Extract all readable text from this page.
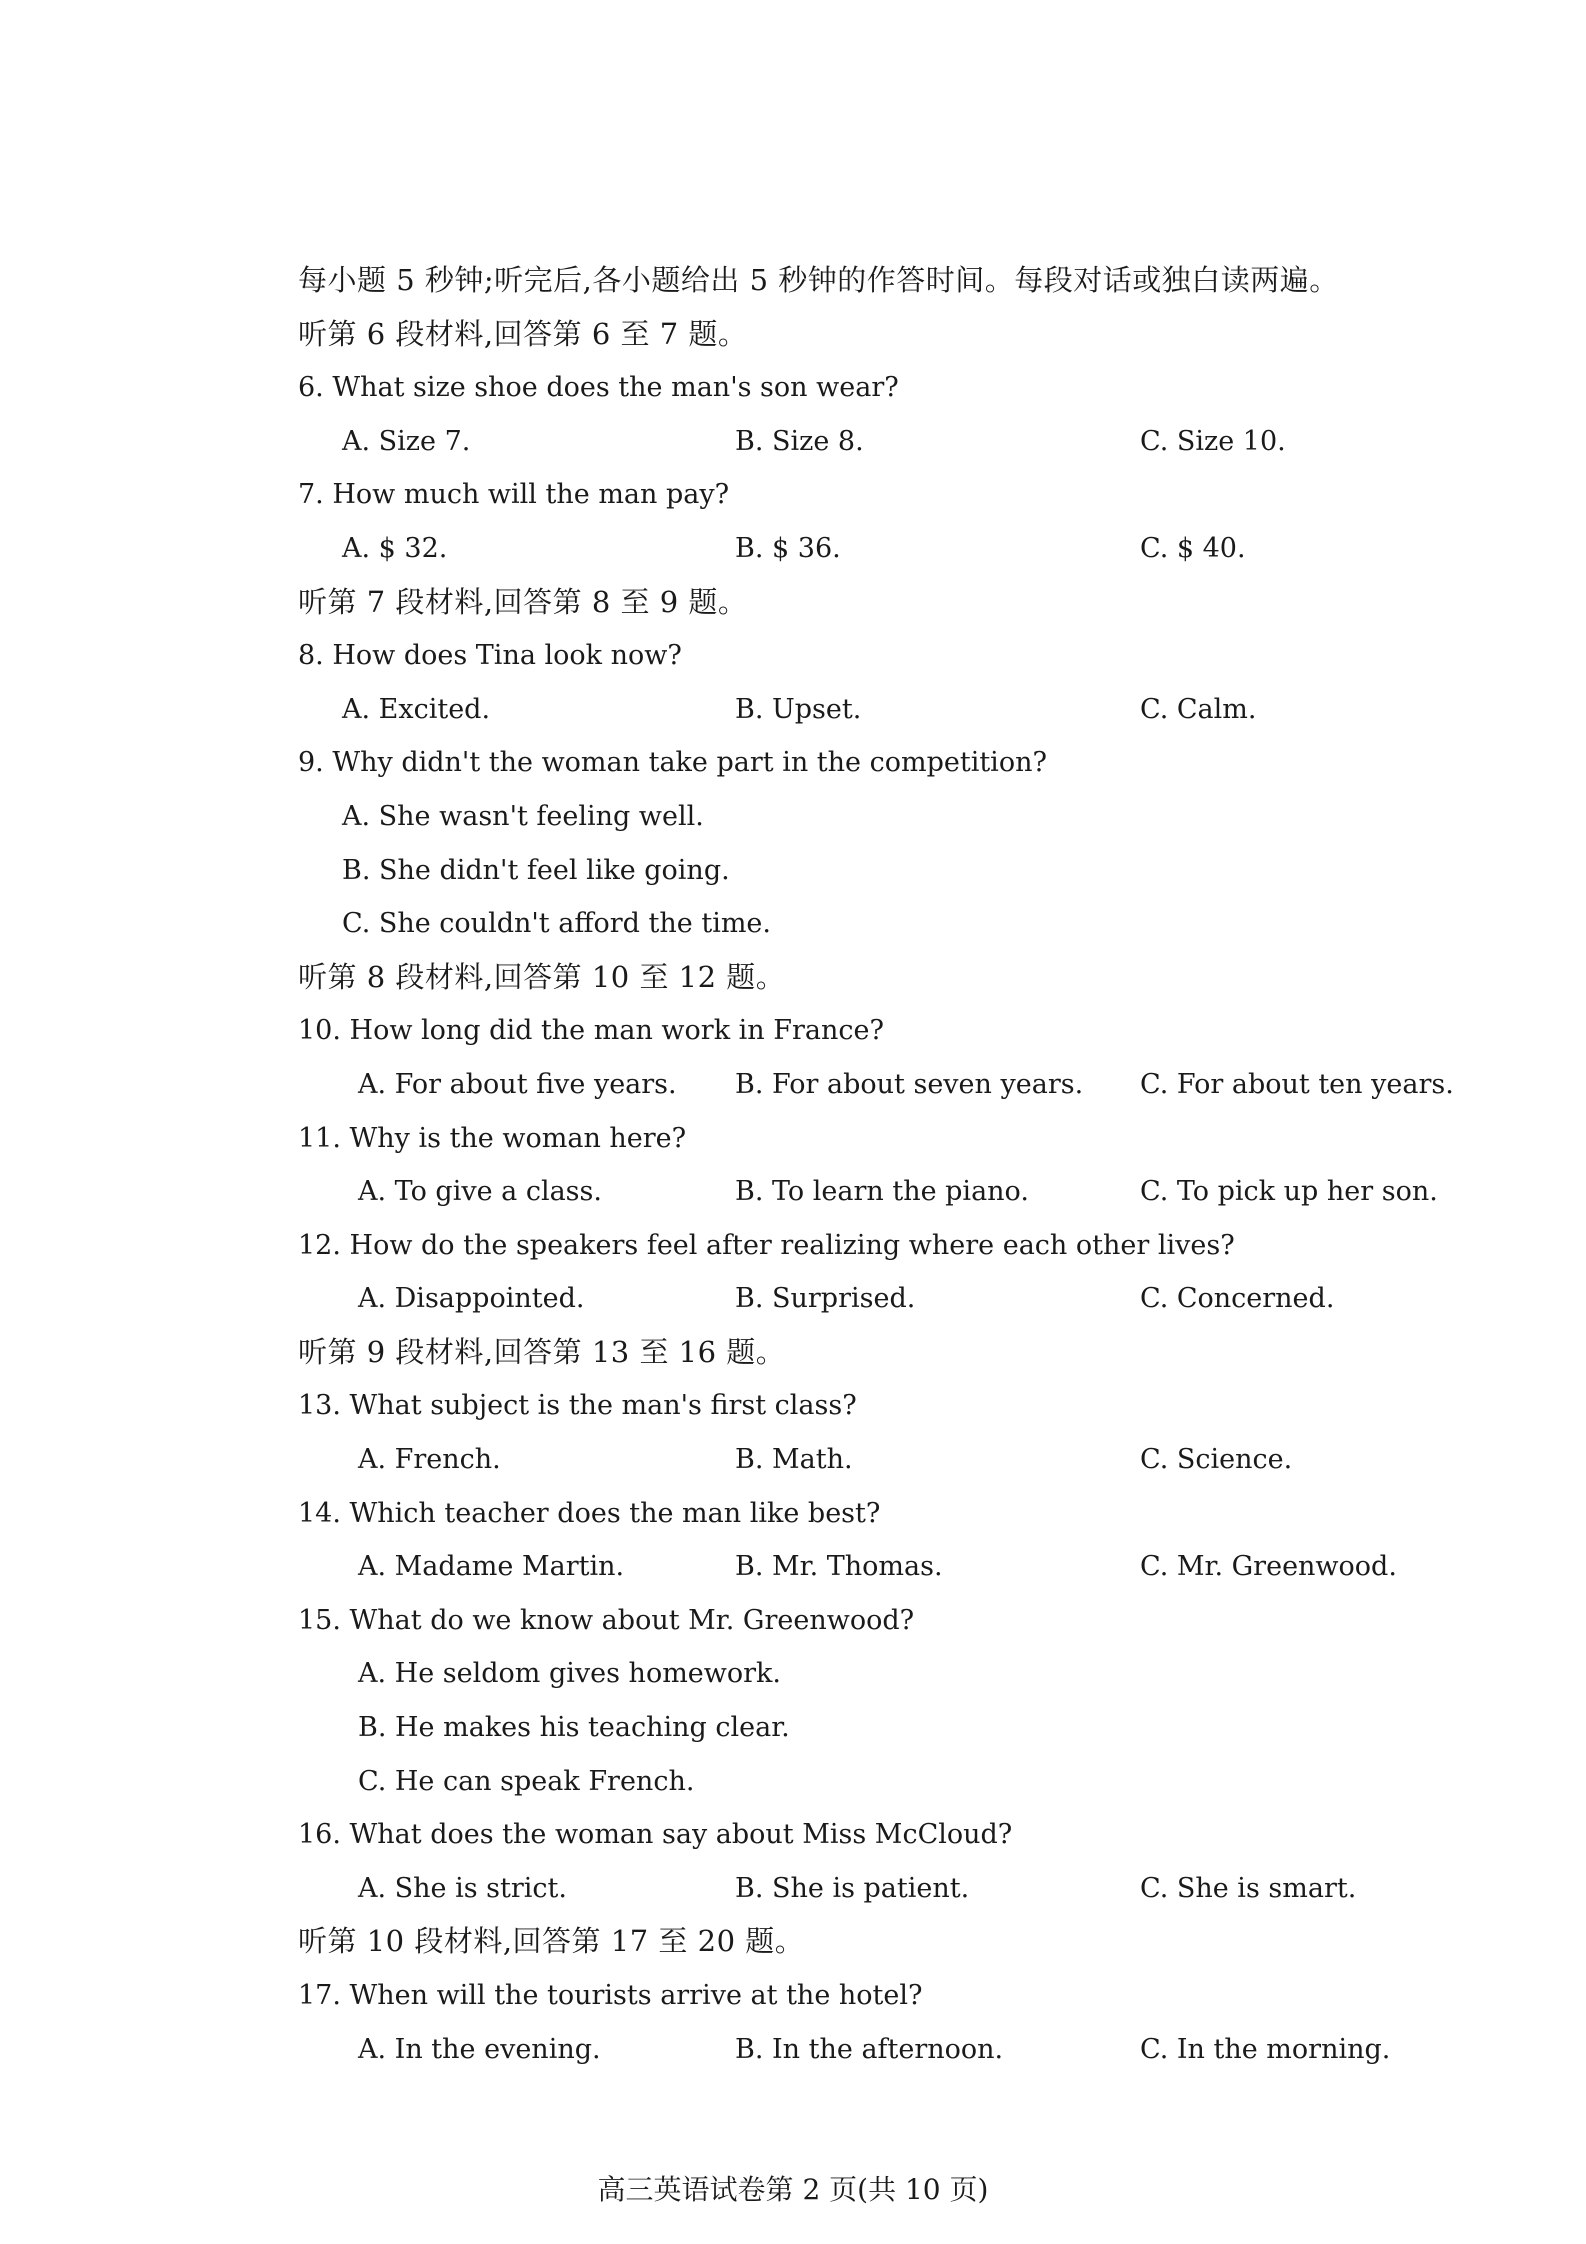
每小题 5 秒钟;听完后,各小题给出 5 秒钟的作答时间。每段对话或独白读两遍。
听第 6 段材料,回答第 6 至 7 题。
6. What size shoe does the man's son wear?
A. Size 7.	B. Size 8.	C. Size 10.
7. How much will the man pay?
A. $ 32.	B. $ 36.	C. $ 40.
听第 7 段材料,回答第 8 至 9 题。
8. How does Tina look now?
A. Excited.	B. Upset.	C. Calm.
9. Why didn't the woman take part in the competition?
A. She wasn't feeling well.
B. She didn't feel like going.
C. She couldn't afford the time.
听第 8 段材料,回答第 10 至 12 题。
10. How long did the man work in France?
A. For about five years. B. For about seven years. C. For about ten years.
11. Why is the woman here?
A. To give a class.	B. To learn the piano.	C. To pick up her son.
12. How do the speakers feel after realizing where each other lives?
A. Disappointed.	B. Surprised.	C. Concerned.
听第 9 段材料,回答第 13 至 16 题。
13. What subject is the man's first class?
A. French.	B. Math.	C. Science.
14. Which teacher does the man like best?
A. Madame Martin.	B. Mr. Thomas.	C. Mr. Greenwood.
15. What do we know about Mr. Greenwood?
A. He seldom gives homework.
B. He makes his teaching clear.
C. He can speak French.
16. What does the woman say about Miss McCloud?
A. She is strict.	B. She is patient.	C. She is smart.
听第 10 段材料,回答第 17 至 20 题。
17. When will the tourists arrive at the hotel?
A. In the evening.	B. In the afternoon.	C. In the morning.
高三英语试卷第 2 页(共 10 页)
